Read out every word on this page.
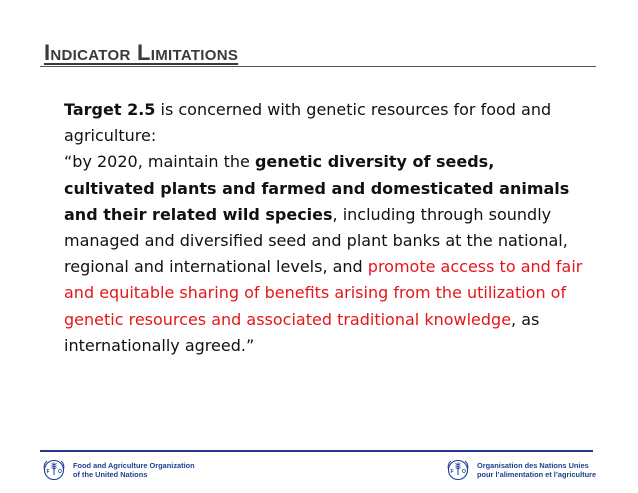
Indicator Limitations

Target 2.5 is concerned with genetic resources for food and agriculture:
“by 2020, maintain the genetic diversity of seeds, cultivated plants and farmed and domesticated animals and their related wild species, including through soundly managed and diversified seed and plant banks at the national, regional and international levels, and promote access to and fair and equitable sharing of benefits arising from the utilization of genetic resources and associated traditional knowledge, as internationally agreed.”

F O
Food and Agriculture Organization
of the United Nations	F O
Organisation des Nations Unies
pour l’alimentation et l’agriculture
